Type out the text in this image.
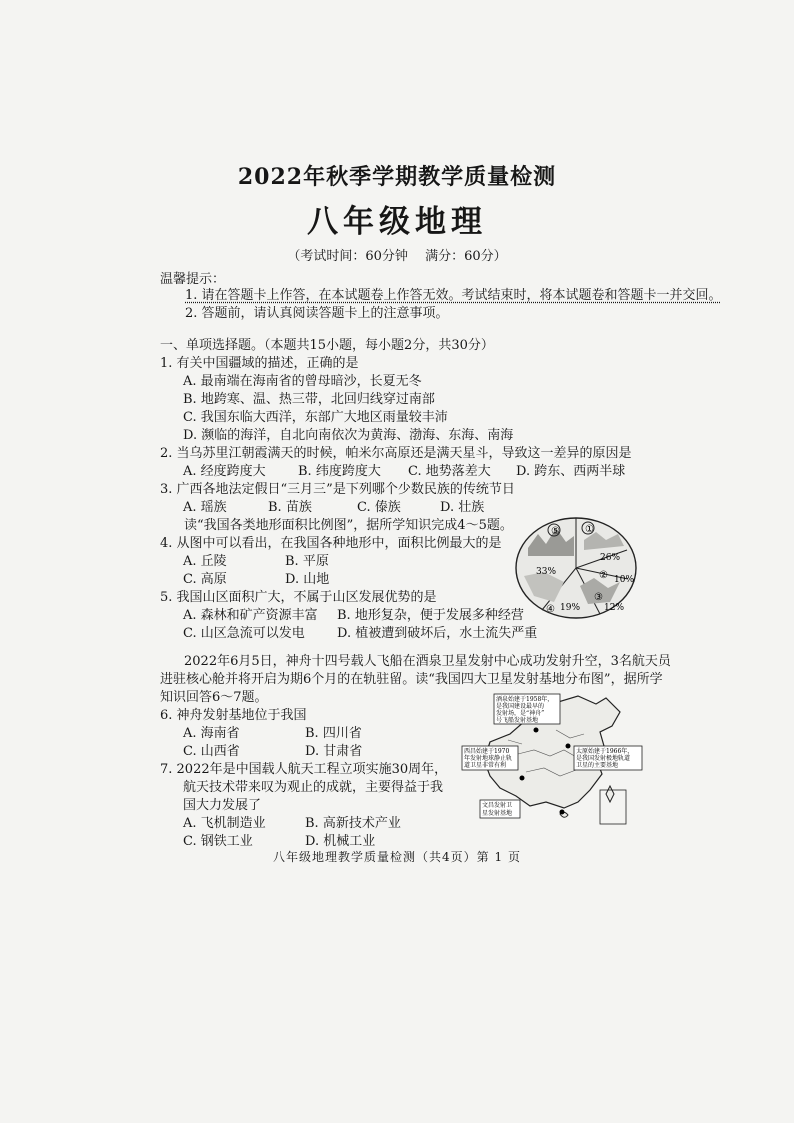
2022年秋季学期教学质量检测
八年级地理
（考试时间：60分钟　 满分：60分）
温馨提示：
1. 请在答题卡上作答，在本试题卷上作答无效。考试结束时，将本试题卷和答题卡一并交回。
2. 答题前，请认真阅读答题卡上的注意事项。
一、单项选择题。（本题共15小题，每小题2分，共30分）
1. 有关中国疆域的描述，正确的是
A. 最南端在海南省的曾母暗沙，长夏无冬
B. 地跨寒、温、热三带，北回归线穿过南部
C. 我国东临大西洋，东部广大地区雨量较丰沛
D. 濒临的海洋，自北向南依次为黄海、渤海、东海、南海
2. 当乌苏里江朝霞满天的时候，帕米尔高原还是满天星斗，导致这一差异的原因是
A. 经度跨度大 B. 纬度跨度大 C. 地势落差大 D. 跨东、西两半球
3. 广西各地法定假日“三月三”是下列哪个少数民族的传统节日
A. 瑶族	B. 苗族	C. 傣族	D. 壮族
读“我国各类地形面积比例图”，据所学知识完成4～5题。
4. 从图中可以看出，在我国各种地形中，面积比例最大的是
A. 丘陵	B. 平原
C. 高原	D. 山地
5. 我国山区面积广大，不属于山区发展优势的是
A. 森林和矿产资源丰富 B. 地形复杂，便于发展多种经营
C. 山区急流可以发电 D. 植被遭到破坏后，水土流失严重
⑤	①
26%
33%	② 10%
③
12%
④ 19%
2022年6月5日，神舟十四号载人飞船在酒泉卫星发射中心成功发射升空，3名航天员
进驻核心舱并将开启为期6个月的在轨驻留。读“我国四大卫星发射基地分布图”，据所学
知识回答6～7题。
6. 神舟发射基地位于我国
A. 海南省	B. 四川省
C. 山西省	D. 甘肃省
7. 2022年是中国载人航天工程立项实施30周年，
航天技术带来叹为观止的成就，主要得益于我
国大力发展了
A. 飞机制造业	B. 高新技术产业
C. 钢铁工业	D. 机械工业
酒泉始建于1958年，
是我国建设最早的
发射场，是“神舟”
号飞船发射基地
西昌始建于1970
年发射地球静止轨
道卫星非常有利
太原始建于1966年，
是我国发射极地轨道
卫星的主要基地
文昌发射卫
星发射基地
八年级地理教学质量检测（共4页）第 1 页
